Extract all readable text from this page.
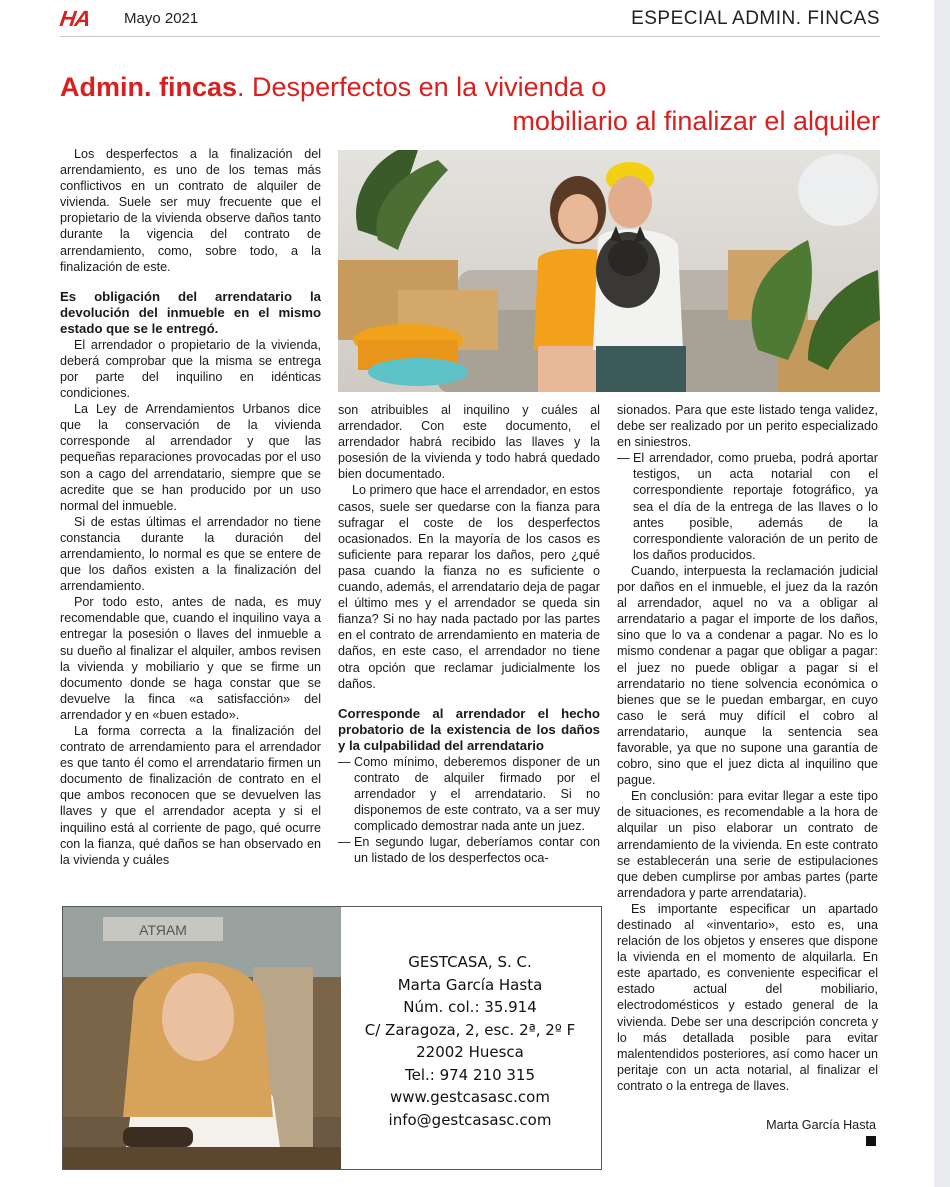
HA Mayo 2021	ESPECIAL ADMIN. FINCAS
Admin. fincas. Desperfectos en la vivienda o
mobiliario al finalizar el alquiler

Los desperfectos a la finalización del arrendamiento, es uno de los temas más conflictivos en un contrato de alquiler de vivienda. Suele ser muy frecuente que el propietario de la vivienda observe daños tanto durante la vigencia del contrato de arrendamiento, como, sobre todo, a la finalización de este.

Es obligación del arrendatario la devolución del inmueble en el mismo estado que se le entregó.

El arrendador o propietario de la vivienda, deberá comprobar que la misma se entrega por parte del inquilino en idénticas condiciones.

La Ley de Arrendamientos Urbanos dice que la conservación de la vivienda corresponde al arrendador y que las pequeñas reparaciones provocadas por el uso son a cago del arrendatario, siempre que se acredite que se han producido por un uso normal del inmueble.

Si de estas últimas el arrendador no tiene constancia durante la duración del arrendamiento, lo normal es que se entere de que los daños existen a la finalización del arrendamiento.

Por todo esto, antes de nada, es muy recomendable que, cuando el inquilino vaya a entregar la posesión o llaves del inmueble a su dueño al finalizar el alquiler, ambos revisen la vivienda y mobiliario y que se firme un documento donde se haga constar que se devuelve la finca «a satisfacción» del arrendador y en «buen estado».

La forma correcta a la finalización del contrato de arrendamiento para el arrendador es que tanto él como el arrendatario firmen un documento de finalización de contrato en el que ambos reconocen que se devuelven las llaves y que el arrendador acepta y si el inquilino está al corriente de pago, qué ocurre con la fianza, qué daños se han observado en la vivienda y cuáles

son atribuibles al inquilino y cuáles al arrendador. Con este documento, el arrendador habrá recibido las llaves y la posesión de la vivienda y todo habrá quedado bien documentado.

Lo primero que hace el arrendador, en estos casos, suele ser quedarse con la fianza para sufragar el coste de los desperfectos ocasionados. En la mayoría de los casos es suficiente para reparar los daños, pero ¿qué pasa cuando la fianza no es suficiente o cuando, además, el arrendatario deja de pagar el último mes y el arrendador se queda sin fianza? Si no hay nada pactado por las partes en el contrato de arrendamiento en materia de daños, en este caso, el arrendador no tiene otra opción que reclamar judicialmente los daños.

Corresponde al arrendador el hecho probatorio de la existencia de los daños y la culpabilidad del arrendatario

— Como mínimo, deberemos disponer de un contrato de alquiler firmado por el arrendador y el arrendatario. Si no disponemos de este contrato, va a ser muy complicado demostrar nada ante un juez.

— En segundo lugar, deberíamos contar con un listado de los desperfectos oca-

sionados. Para que este listado tenga validez, debe ser realizado por un perito especializado en siniestros.

— El arrendador, como prueba, podrá aportar testigos, un acta notarial con el correspondiente reportaje fotográfico, ya sea el día de la entrega de las llaves o lo antes posible, además de la correspondiente valoración de un perito de los daños producidos.

Cuando, interpuesta la reclamación judicial por daños en el inmueble, el juez da la razón al arrendador, aquel no va a obligar al arrendatario a pagar el importe de los daños, sino que lo va a condenar a pagar. No es lo mismo condenar a pagar que obligar a pagar: el juez no puede obligar a pagar si el arrendatario no tiene solvencia económica o bienes que se le puedan embargar, en cuyo caso le será muy difícil el cobro al arrendatario, aunque la sentencia sea favorable, ya que no supone una garantía de cobro, sino que el juez dicta al inquilino que pague.

En conclusión: para evitar llegar a este tipo de situaciones, es recomendable a la hora de alquilar un piso elaborar un contrato de arrendamiento de la vivienda. En este contrato se establecerán una serie de estipulaciones que deben cumplirse por ambas partes (parte arrendadora y parte arrendataria).

Es importante especificar un apartado destinado al «inventario», esto es, una relación de los objetos y enseres que dispone la vivienda en el momento de alquilarla. En este apartado, es conveniente especificar el estado actual del mobiliario, electrodomésticos y estado general de la vivienda. Debe ser una descripción concreta y lo más detallada posible para evitar malentendidos posteriores, así como hacer un peritaje con un acta notarial, al finalizar el contrato o la entrega de llaves.

Marta García Hasta
MARTA
GESTCASA, S. C.
Marta García Hasta
Núm. col.: 35.914
C/ Zaragoza, 2, esc. 2ª, 2º F
22002 Huesca
Tel.: 974 210 315
www.gestcasasc.com
info@gestcasasc.com
